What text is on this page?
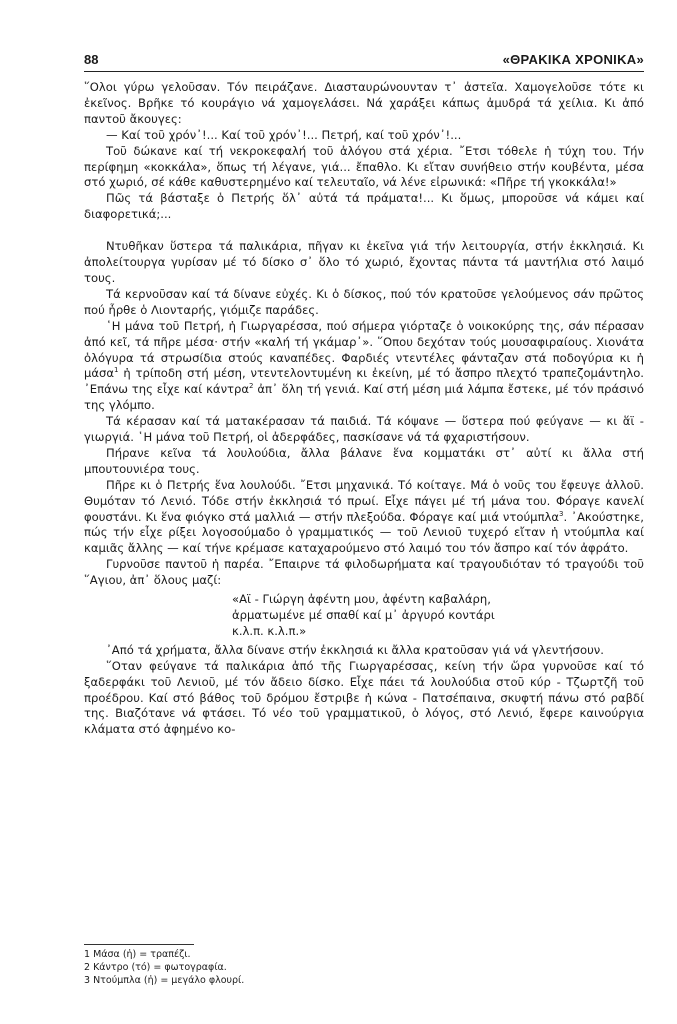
88	«ΘΡΑΚΙΚΑ ΧΡΟΝΙΚΑ»

῞Ολοι γύρω γελοῦσαν. Τόν πειράζανε. Διασταυρώνουνταν τ᾽ ἀστεῖα. Χαμογελοῦσε τότε κι ἐκεῖνος. Βρῆκε τό κουράγιο νά χαμογελάσει. Νά χαράξει κάπως ἀμυδρά τά χείλια. Κι ἀπό παντοῦ ἄκουγες:

— Καί τοῦ χρόν᾽!... Καί τοῦ χρόν᾽!... Πετρή, καί τοῦ χρόν᾽!...

Τοῦ δώκανε καί τή νεκροκεφαλή τοῦ ἀλόγου στά χέρια. ῎Ετσι τόθελε ἡ τύχη του. Τήν περίφημη «κοκκάλα», ὅπως τή λέγανε, γιά... ἔπαθλο. Κι εἴταν συνήθειο στήν κουβέντα, μέσα στό χωριό, σέ κάθε καθυστερημένο καί τελευταῖο, νά λένε εἰρωνικά: «Πῆρε τή γκοκκάλα!»

Πῶς τά βάσταξε ὁ Πετρής ὅλ᾽ αὐτά τά πράματα!... Κι ὅμως, μποροῦσε νά κάμει καί διαφορετικά;...

Ντυθῆκαν ὕστερα τά παλικάρια, πῆγαν κι ἐκεῖνα γιά τήν λειτουργία, στήν ἐκκλησιά. Κι ἀπολείτουργα γυρίσαν μέ τό δίσκο σ᾽ ὅλο τό χωριό, ἔχοντας πάντα τά μαντήλια στό λαιμό τους.

Τά κερνοῦσαν καί τά δίνανε εὐχές. Κι ὁ δίσκος, πού τόν κρατοῦσε γελούμενος σάν πρῶτος πού ἦρθε ὁ Λιονταρής, γιόμιζε παράδες.

῾Η μάνα τοῦ Πετρή, ἡ Γιωργαρέσσα, πού σήμερα γιόρταζε ὁ νοικοκύρης της, σάν πέρασαν ἀπό κεῖ, τά πῆρε μέσα· στήν «καλή τή γκάμαρ᾽». ῞Οπου δεχόταν τούς μουσαφιραίους. Χιονάτα ὁλόγυρα τά στρωσίδια στούς καναπέδες. Φαρδιές ντεντέλες φάνταζαν στά ποδογύρια κι ἡ μάσα$^1$ ἡ τρίποδη στή μέση, ντεντελοντυμένη κι ἐκείνη, μέ τό ἄσπρο πλεχτό τραπεζομάντηλο. ᾽Επάνω της εἶχε καί κάντρα$^2$ ἀπ᾽ ὅλη τή γενιά. Καί στή μέση μιά λάμπα ἔστεκε, μέ τόν πράσινό της γλόμπο.

Τά κέρασαν καί τά ματακέρασαν τά παιδιά. Τά κόψανε — ὕστερα πού φεύγανε — κι ἅϊ - γιωργιά. ῾Η μάνα τοῦ Πετρή, οἱ ἀδερφάδες, πασκίσανε νά τά φχαριστήσουν.

Πήρανε κεῖνα τά λουλούδια, ἄλλα βάλανε ἕνα κομματάκι στ᾽ αὐτί κι ἄλλα στή μπουτουνιέρα τους.

Πῆρε κι ὁ Πετρής ἕνα λουλούδι. ῎Ετσι μηχανικά. Τό κοίταγε. Μά ὁ νοῦς του ἔφευγε ἀλλοῦ. Θυμόταν τό Λενιό. Τόδε στήν ἐκκλησιά τό πρωί. Εἶχε πάγει μέ τή μάνα του. Φόραγε κανελί φουστάνι. Κι ἕνα φιόγκο στά μαλλιά — στήν πλεξούδα. Φόραγε καί μιά ντούμπλα$^3$. ᾽Ακούστηκε, πώς τήν εἶχε ρίξει λογοσούμαδο ὁ γραμματικός — τοῦ Λενιοῦ τυχερό εἴταν ἡ ντούμπλα καί καμιᾶς ἄλλης — καί τήνε κρέμασε καταχαρούμενο στό λαιμό του τόν ἄσπρο καί τόν ἀφράτο.

Γυρνοῦσε παντοῦ ἡ παρέα. ῎Επαιρνε τά φιλοδωρήματα καί τραγουδιόταν τό τραγούδι τοῦ ῞Αγιου, ἀπ᾽ ὅλους μαζί:

«Αϊ - Γιώργη ἀφέντη μου, ἀφέντη καβαλάρη,
ἀρματωμένε μέ σπαθί καί μ᾽ ἀργυρό κοντάρι
κ.λ.π. κ.λ.π.»

᾽Από τά χρήματα, ἄλλα δίνανε στήν ἐκκλησιά κι ἄλλα κρατοῦσαν γιά νά γλεντήσουν.

῞Οταν φεύγανε τά παλικάρια ἀπό τῆς Γιωργαρέσσας, κείνη τήν ὥρα γυρνοῦσε καί τό ξαδερφάκι τοῦ Λενιοῦ, μέ τόν ἄδειο δίσκο. Εἶχε πάει τά λουλούδια στοῦ κύρ - Τζωρτζῆ τοῦ προέδρου. Καί στό βάθος τοῦ δρόμου ἔστριβε ἡ κώνα - Πατσέπαινα, σκυφτή πάνω στό ραβδί της. Βιαζότανε νά φτάσει. Τό νέο τοῦ γραμματικοῦ, ὁ λόγος, στό Λενιό, ἔφερε καινούργια κλάματα στό ἀφημένο κο-

1 Μάσα (ἡ) = τραπέζι.
2 Κάντρο (τό) = φωτογραφία.
3 Ντούμπλα (ἡ) = μεγάλο φλουρί.
